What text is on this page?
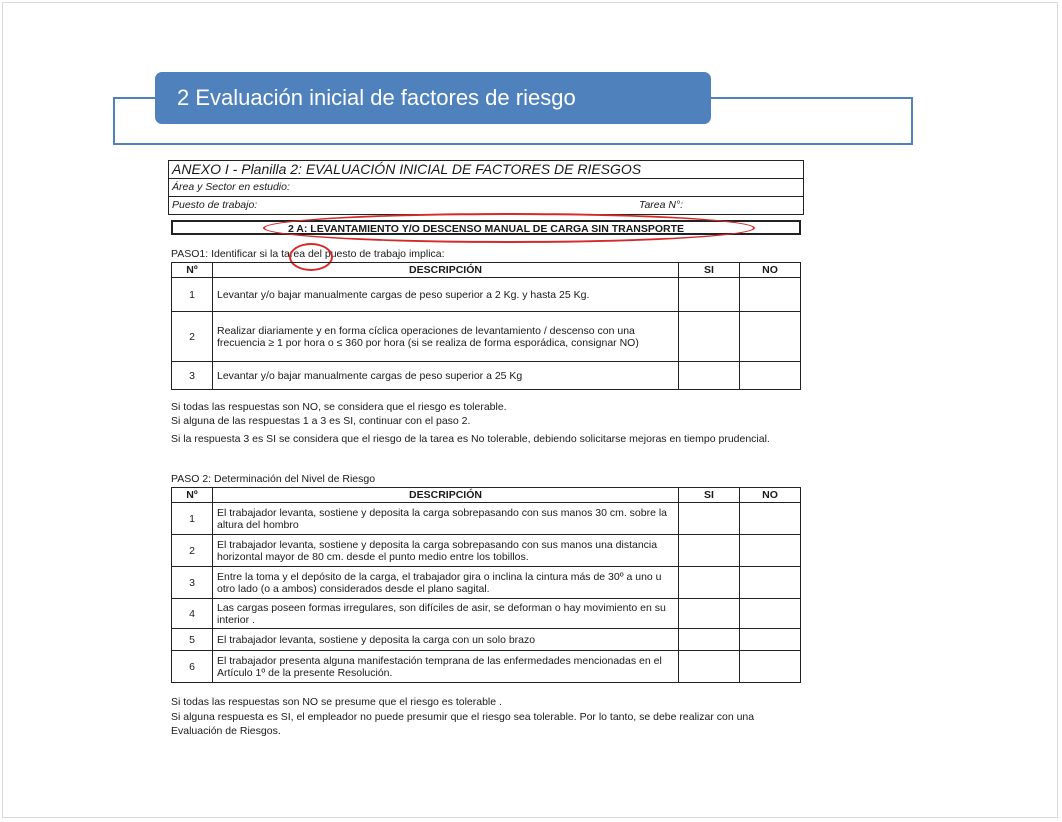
2 Evaluación inicial de factores de riesgo
ANEXO I - Planilla 2: EVALUACIÓN INICIAL DE FACTORES DE RIESGOS
Área y Sector en estudio:
Puesto de trabajo:	Tarea N°:
2 A: LEVANTAMIENTO Y/O DESCENSO MANUAL DE CARGA SIN TRANSPORTE
PASO1: Identificar si la tarea del puesto de trabajo implica:
Nº	DESCRIPCIÓN	SI	NO
1	Levantar y/o bajar manualmente cargas de peso superior a 2 Kg. y hasta 25 Kg.		
2	Realizar diariamente y en forma cíclica operaciones de levantamiento / descenso con una frecuencia ≥ 1 por hora o ≤ 360 por hora (si se realiza de forma esporádica, consignar NO)		
3	Levantar y/o bajar manualmente cargas de peso superior a 25 Kg		
Si todas las respuestas son NO, se considera que el riesgo es tolerable.
Si alguna de las respuestas 1 a 3 es SI, continuar con el paso 2.
Si la respuesta 3 es SI se considera que el riesgo de la tarea es No tolerable, debiendo solicitarse mejoras en tiempo prudencial.
PASO 2: Determinación del Nivel de Riesgo
Nº	DESCRIPCIÓN	SI	NO
1	El trabajador levanta, sostiene y deposita la carga sobrepasando con sus manos 30 cm. sobre la altura del hombro		
2	El trabajador levanta, sostiene y deposita la carga sobrepasando con sus manos una distancia horizontal mayor de 80 cm. desde el punto medio entre los tobillos.		
3	Entre la toma y el depósito de la carga, el trabajador gira o inclina la cintura más de 30º a uno u otro lado (o a ambos) considerados desde el plano sagital.		
4	Las cargas poseen formas irregulares, son difíciles de asir, se deforman o hay movimiento en su interior .		
5	El trabajador levanta, sostiene y deposita la carga con un solo brazo		
6	El trabajador presenta alguna manifestación temprana de las enfermedades mencionadas en el Artículo 1º de la presente Resolución.		
Si todas las respuestas son NO se presume que el riesgo es tolerable .
Si alguna respuesta es SI, el empleador no puede presumir que el riesgo sea tolerable. Por lo tanto, se debe realizar con una Evaluación de Riesgos.
